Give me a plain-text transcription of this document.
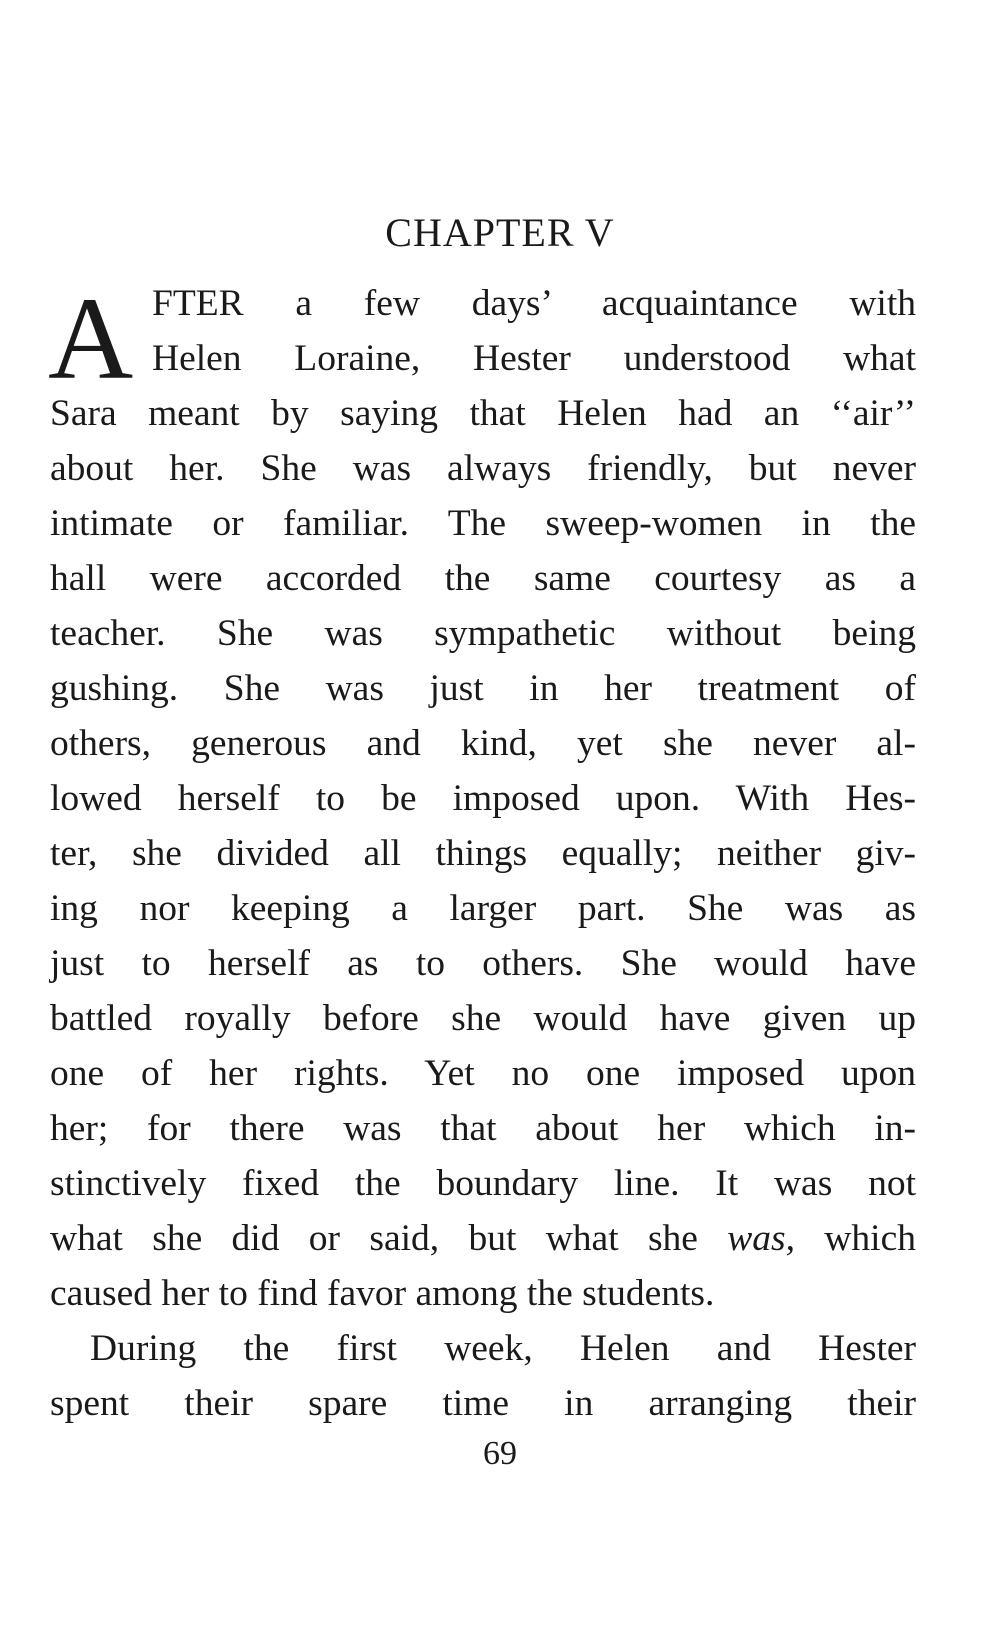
CHAPTER V
A FTER a few days’ acquaintance with
Helen Loraine, Hester understood what
Sara meant by saying that Helen had an ‘‘air’’
about her. She was always friendly, but never
intimate or familiar. The sweep-women in the
hall were accorded the same courtesy as a
teacher. She was sympathetic without being
gushing. She was just in her treatment of
others, generous and kind, yet she never al-
lowed herself to be imposed upon. With Hes-
ter, she divided all things equally; neither giv-
ing nor keeping a larger part. She was as
just to herself as to others. She would have
battled royally before she would have given up
one of her rights. Yet no one imposed upon
her; for there was that about her which in-
stinctively fixed the boundary line. It was not
what she did or said, but what she was, which
caused her to find favor among the students.
During the first week, Helen and Hester
spent their spare time in arranging their
69
